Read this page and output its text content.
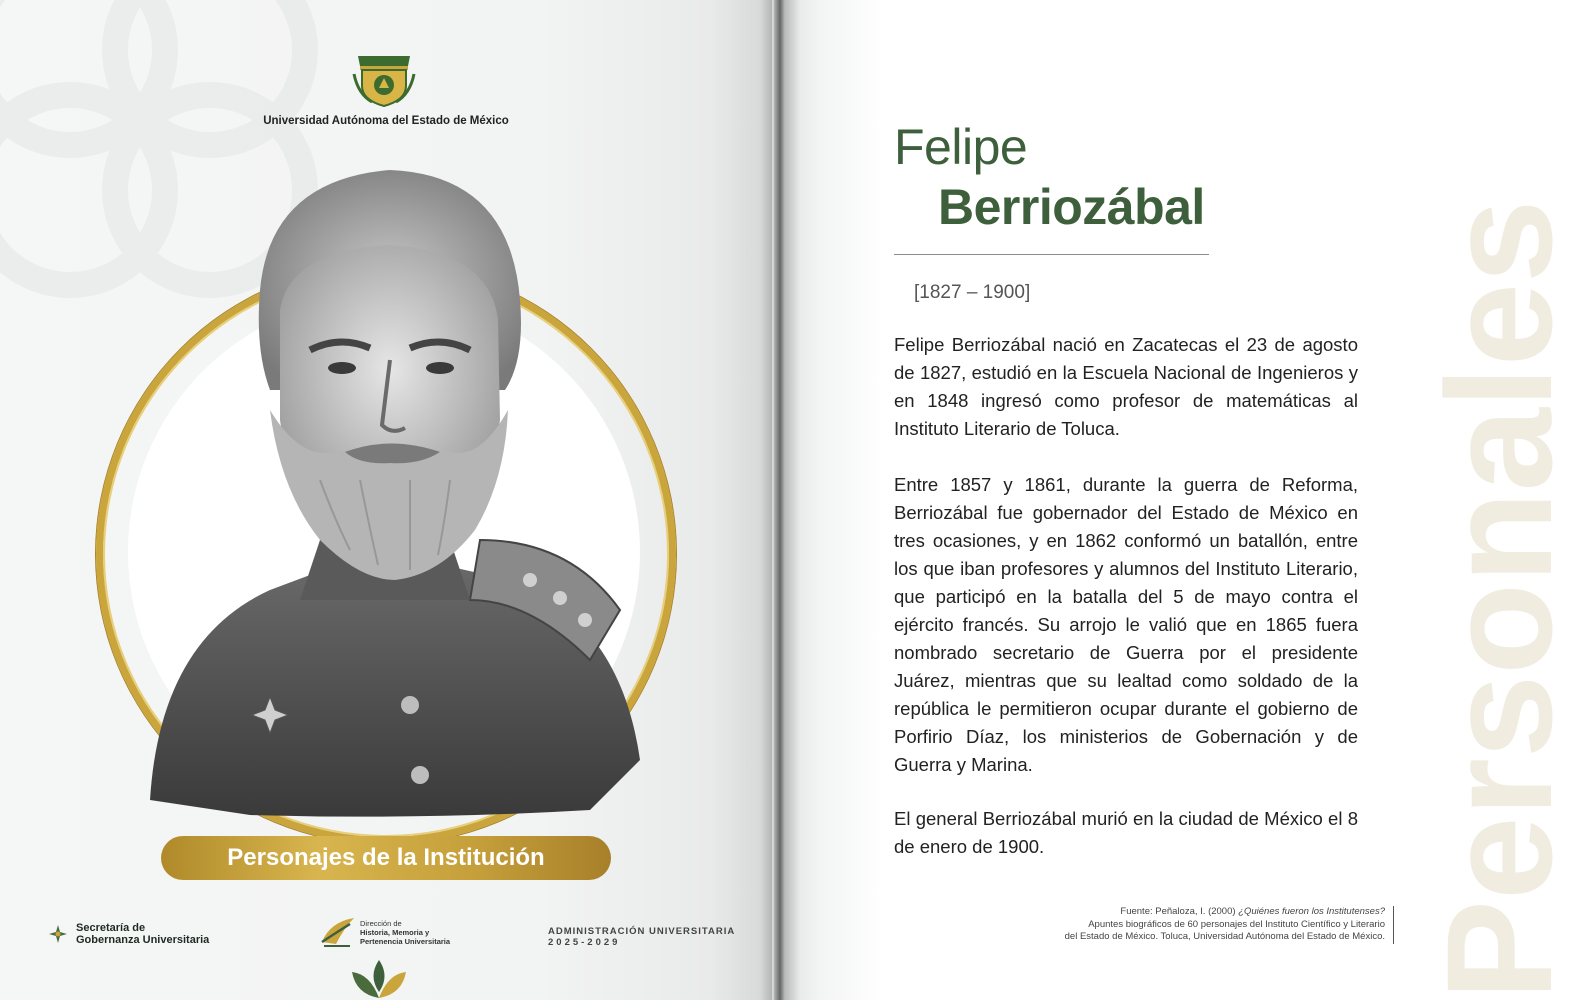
Universidad Autónoma del Estado de México
Personajes de la Institución
Secretaría de
Gobernanza Universitaria
Dirección de
Historia, Memoria y
Pertenencia Universitaria
ADMINISTRACIÓN UNIVERSITARIA
2025-2029	Personales
Felipe
Berriozábal
[1827 – 1900]

Felipe Berriozábal nació en Zacatecas el 23 de agosto de 1827, estudió en la Escuela Nacional de Ingenieros y en 1848 ingresó como profesor de matemáticas al Instituto Literario de Toluca.

Entre 1857 y 1861, durante la guerra de Reforma, Berriozábal fue gobernador del Estado de México en tres ocasiones, y en 1862 conformó un batallón, entre los que iban profesores y alumnos del Instituto Literario, que participó en la batalla del 5 de mayo contra el ejército francés. Su arrojo le valió que en 1865 fuera nombrado secretario de Guerra por el presidente Juárez, mientras que su lealtad como soldado de la república le permitieron ocupar durante el gobierno de Porfirio Díaz, los ministerios de Gobernación y de Guerra y Marina.

El general Berriozábal murió en la ciudad de México el 8 de enero de 1900.

Fuente: Peñaloza, I. (2000) ¿Quiénes fueron los Institutenses?
Apuntes biográficos de 60 personajes del Instituto Científico y Literario
del Estado de México. Toluca, Universidad Autónoma del Estado de México.
